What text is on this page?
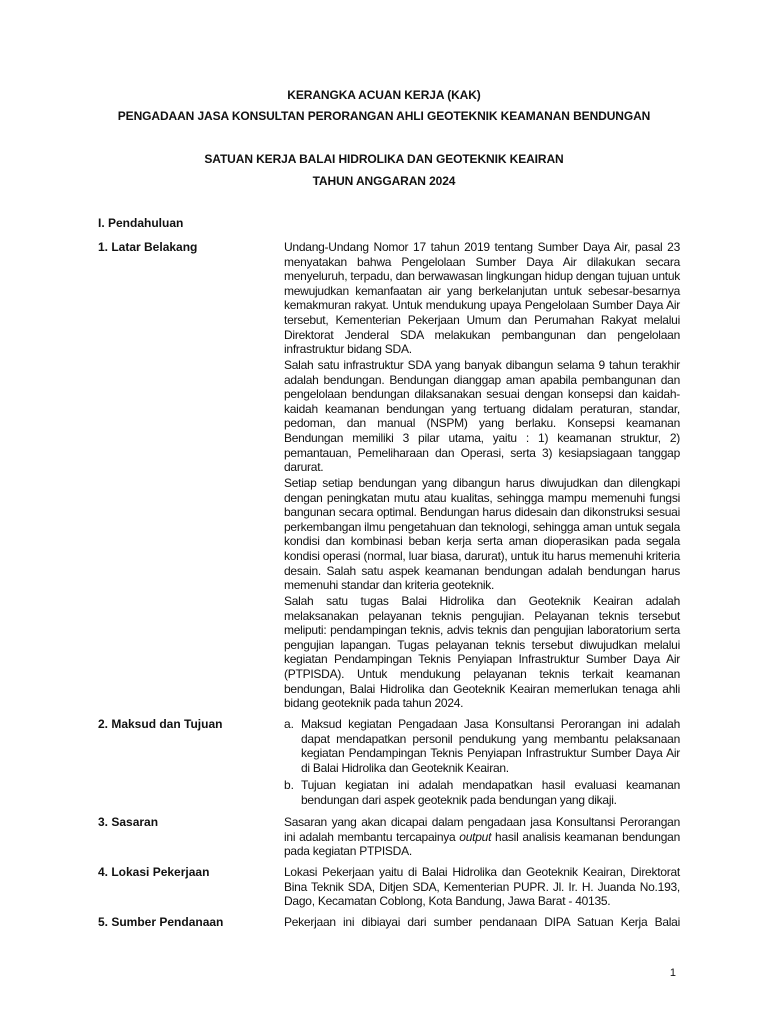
KERANGKA ACUAN KERJA (KAK)
PENGADAAN JASA KONSULTAN PERORANGAN AHLI GEOTEKNIK KEAMANAN BENDUNGAN
SATUAN KERJA BALAI HIDROLIKA DAN GEOTEKNIK KEAIRAN
TAHUN ANGGARAN 2024
I. Pendahuluan
1. Latar Belakang	Undang-Undang Nomor 17 tahun 2019 tentang Sumber Daya Air, pasal 23 menyatakan bahwa Pengelolaan Sumber Daya Air dilakukan secara menyeluruh, terpadu, dan berwawasan lingkungan hidup dengan tujuan untuk mewujudkan kemanfaatan air yang berkelanjutan untuk sebesar-besarnya kemakmuran rakyat. Untuk mendukung upaya Pengelolaan Sumber Daya Air tersebut, Kementerian Pekerjaan Umum dan Perumahan Rakyat melalui Direktorat Jenderal SDA melakukan pembangunan dan pengelolaan infrastruktur bidang SDA.
Salah satu infrastruktur SDA yang banyak dibangun selama 9 tahun terakhir adalah bendungan. Bendungan dianggap aman apabila pembangunan dan pengelolaan bendungan dilaksanakan sesuai dengan konsepsi dan kaidah-kaidah keamanan bendungan yang tertuang didalam peraturan, standar, pedoman, dan manual (NSPM) yang berlaku. Konsepsi keamanan Bendungan memiliki 3 pilar utama, yaitu : 1) keamanan struktur, 2) pemantauan, Pemeliharaan dan Operasi, serta 3) kesiapsiagaan tanggap darurat.
Setiap setiap bendungan yang dibangun harus diwujudkan dan dilengkapi dengan peningkatan mutu atau kualitas, sehingga mampu memenuhi fungsi bangunan secara optimal. Bendungan harus didesain dan dikonstruksi sesuai perkembangan ilmu pengetahuan dan teknologi, sehingga aman untuk segala kondisi dan kombinasi beban kerja serta aman dioperasikan pada segala kondisi operasi (normal, luar biasa, darurat), untuk itu harus memenuhi kriteria desain. Salah satu aspek keamanan bendungan adalah bendungan harus memenuhi standar dan kriteria geoteknik.
Salah satu tugas Balai Hidrolika dan Geoteknik Keairan adalah melaksanakan pelayanan teknis pengujian. Pelayanan teknis tersebut meliputi: pendampingan teknis, advis teknis dan pengujian laboratorium serta pengujian lapangan. Tugas pelayanan teknis tersebut diwujudkan melalui kegiatan Pendampingan Teknis Penyiapan Infrastruktur Sumber Daya Air (PTPISDA). Untuk mendukung pelayanan teknis terkait keamanan bendungan, Balai Hidrolika dan Geoteknik Keairan memerlukan tenaga ahli bidang geoteknik pada tahun 2024.
2. Maksud dan Tujuan	a. Maksud kegiatan Pengadaan Jasa Konsultansi Perorangan ini adalah dapat mendapatkan personil pendukung yang membantu pelaksanaan kegiatan Pendampingan Teknis Penyiapan Infrastruktur Sumber Daya Air di Balai Hidrolika dan Geoteknik Keairan.
b. Tujuan kegiatan ini adalah mendapatkan hasil evaluasi keamanan bendungan dari aspek geoteknik pada bendungan yang dikaji.
3. Sasaran	Sasaran yang akan dicapai dalam pengadaan jasa Konsultansi Perorangan ini adalah membantu tercapainya output hasil analisis keamanan bendungan pada kegiatan PTPISDA.
4. Lokasi Pekerjaan	Lokasi Pekerjaan yaitu di Balai Hidrolika dan Geoteknik Keairan, Direktorat Bina Teknik SDA, Ditjen SDA, Kementerian PUPR. Jl. Ir. H. Juanda No.193, Dago, Kecamatan Coblong, Kota Bandung, Jawa Barat - 40135.
5. Sumber Pendanaan	Pekerjaan ini dibiayai dari sumber pendanaan DIPA Satuan Kerja Balai
1
